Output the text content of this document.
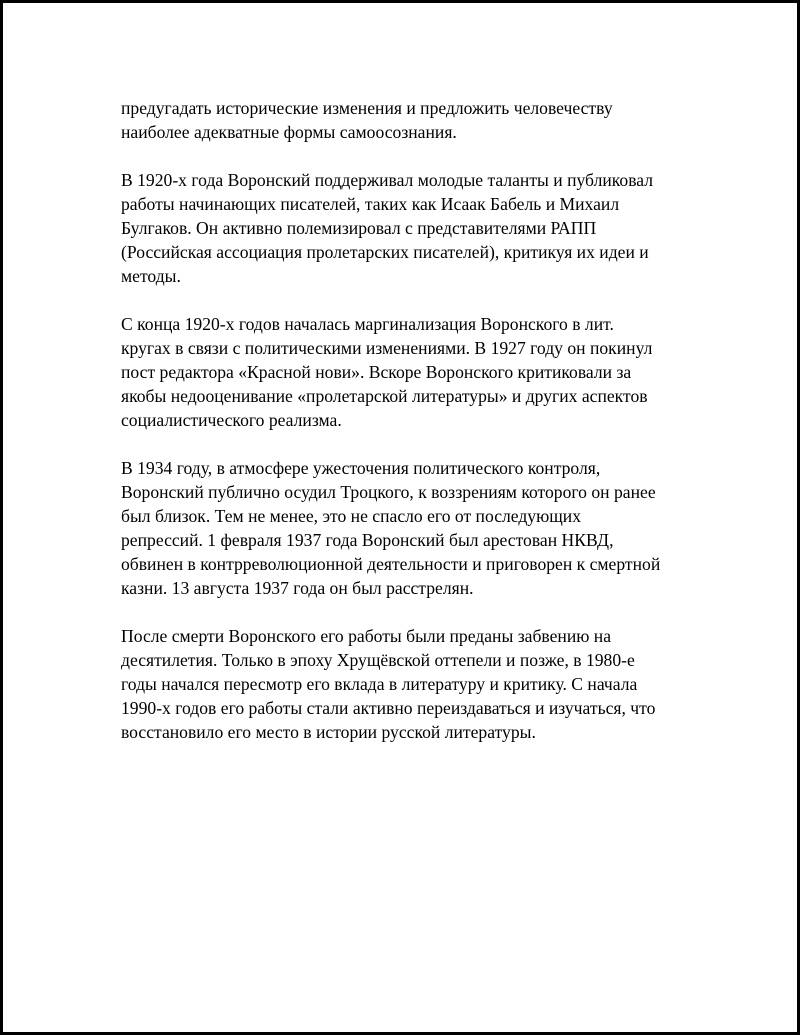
предугадать исторические изменения и предложить человечеству
наиболее адекватные формы самоосознания.

В 1920-х года Воронский поддерживал молодые таланты и публиковал
работы начинающих писателей, таких как Исаак Бабель и Михаил
Булгаков. Он активно полемизировал с представителями РАПП
(Российская ассоциация пролетарских писателей), критикуя их идеи и
методы.

С конца 1920-х годов началась маргинализация Воронского в лит.
кругах в связи с политическими изменениями. В 1927 году он покинул
пост редактора «Красной нови». Вскоре Воронского критиковали за
якобы недооценивание «пролетарской литературы» и других аспектов
социалистического реализма.

В 1934 году, в атмосфере ужесточения политического контроля,
Воронский публично осудил Троцкого, к воззрениям которого он ранее
был близок. Тем не менее, это не спасло его от последующих
репрессий. 1 февраля 1937 года Воронский был арестован НКВД,
обвинен в контрреволюционной деятельности и приговорен к смертной
казни. 13 августа 1937 года он был расстрелян.

После смерти Воронского его работы были преданы забвению на
десятилетия. Только в эпоху Хрущёвской оттепели и позже, в 1980-е
годы начался пересмотр его вклада в литературу и критику. С начала
1990-х годов его работы стали активно переиздаваться и изучаться, что
восстановило его место в истории русской литературы.
